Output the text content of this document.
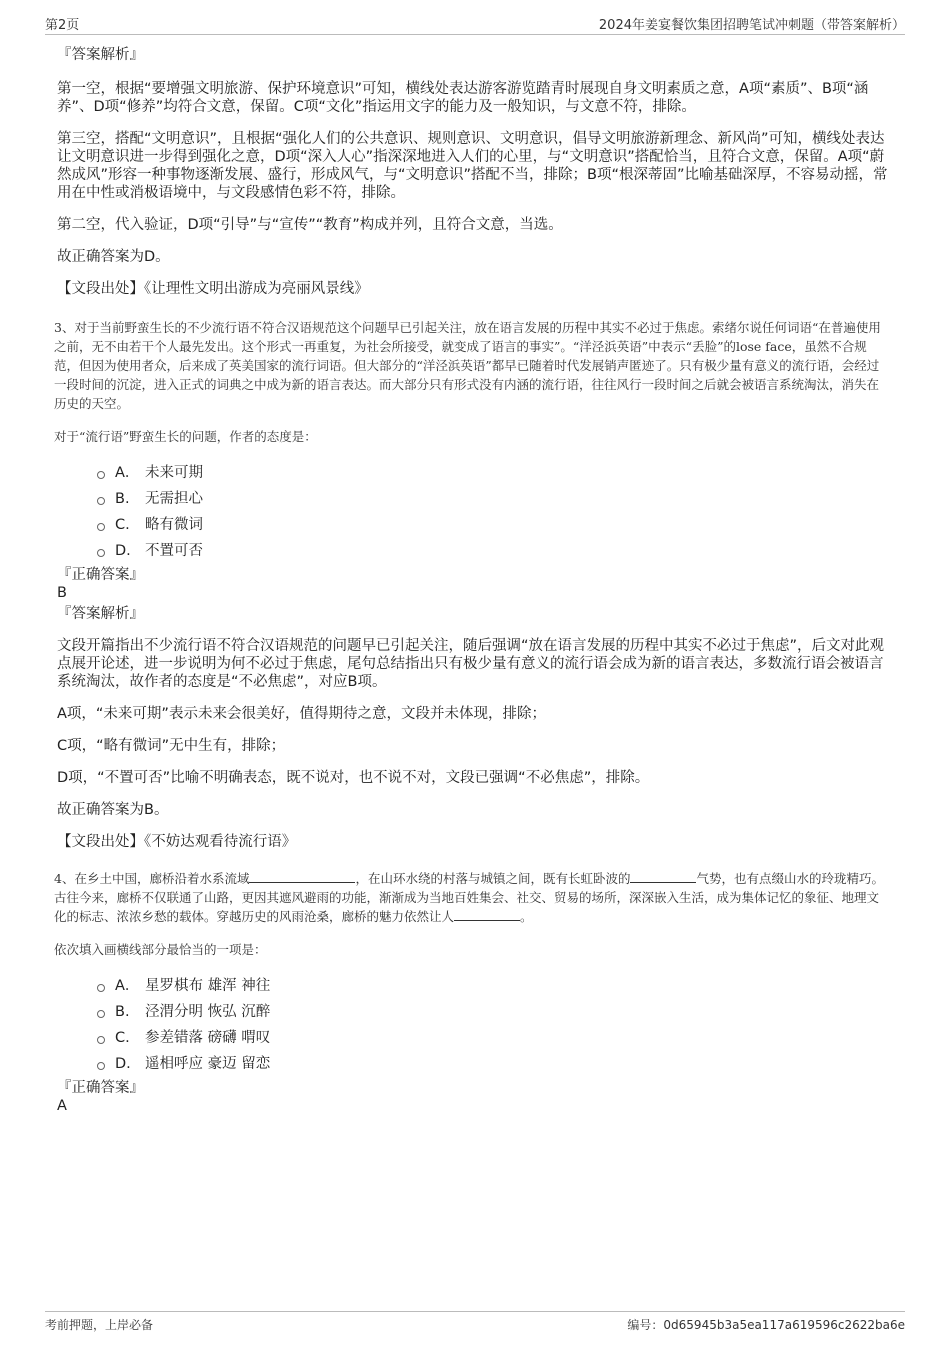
第2页	2024年姜宴餐饮集团招聘笔试冲刺题（带答案解析）
『答案解析』

第一空，根据“要增强文明旅游、保护环境意识”可知，横线处表达游客游览踏青时展现自身文明素质之意，A项“素质”、B项“涵养”、D项“修养”均符合文意，保留。C项“文化”指运用文字的能力及一般知识，与文意不符，排除。

第三空，搭配“文明意识”，且根据“强化人们的公共意识、规则意识、文明意识，倡导文明旅游新理念、新风尚”可知，横线处表达让文明意识进一步得到强化之意，D项“深入人心”指深深地进入人们的心里，与“文明意识”搭配恰当，且符合文意，保留。A项“蔚然成风”形容一种事物逐渐发展、盛行，形成风气，与“文明意识”搭配不当，排除；B项“根深蒂固”比喻基础深厚，不容易动摇，常用在中性或消极语境中，与文段感情色彩不符，排除。

第二空，代入验证，D项“引导”与“宣传”“教育”构成并列，且符合文意，当选。

故正确答案为D。

【文段出处】《让理性文明出游成为亮丽风景线》

3、对于当前野蛮生长的不少流行语不符合汉语规范这个问题早已引起关注，放在语言发展的历程中其实不必过于焦虑。索绪尔说任何词语“在普遍使用之前，无不由若干个人最先发出。这个形式一再重复，为社会所接受，就变成了语言的事实”。“洋泾浜英语”中表示“丢脸”的lose face，虽然不合规范，但因为使用者众，后来成了英美国家的流行词语。但大部分的“洋泾浜英语”都早已随着时代发展销声匿迹了。只有极少量有意义的流行语，会经过一段时间的沉淀，进入正式的词典之中成为新的语言表达。而大部分只有形式没有内涵的流行语，往往风行一段时间之后就会被语言系统淘汰，消失在历史的天空。

对于“流行语”野蛮生长的问题，作者的态度是：

A． 未来可期
B.	无需担心
C.	略有微词
D. 不置可否
『正确答案』
B
『答案解析』

文段开篇指出不少流行语不符合汉语规范的问题早已引起关注，随后强调“放在语言发展的历程中其实不必过于焦虑”，后文对此观点展开论述，进一步说明为何不必过于焦虑，尾句总结指出只有极少量有意义的流行语会成为新的语言表达，多数流行语会被语言系统淘汰，故作者的态度是“不必焦虑”，对应B项。

A项，“未来可期”表示未来会很美好，值得期待之意，文段并未体现，排除；

C项，“略有微词”无中生有，排除；

D项，“不置可否”比喻不明确表态，既不说对，也不说不对，文段已强调“不必焦虑”，排除。

故正确答案为B。

【文段出处】《不妨达观看待流行语》

4、在乡土中国，廊桥沿着水系流域	，在山环水绕的村落与城镇之间，既有长虹卧波的	气势，也有点缀山水的玲珑精巧。古往今来，廊桥不仅联通了山路，更因其遮风避雨的功能，渐渐成为当地百姓集会、社交、贸易的场所，深深嵌入生活，成为集体记忆的象征、地理文化的标志、浓浓乡愁的载体。穿越历史的风雨沧桑，廊桥的魅力依然让人	。

依次填入画横线部分最恰当的一项是：

A． 星罗棋布 雄浑 神往
B.	泾渭分明 恢弘 沉醉
C.	参差错落 磅礴 喟叹
D. 遥相呼应 豪迈 留恋
『正确答案』
A
考前押题，上岸必备	编号：0d65945b3a5ea117a619596c2622ba6e
